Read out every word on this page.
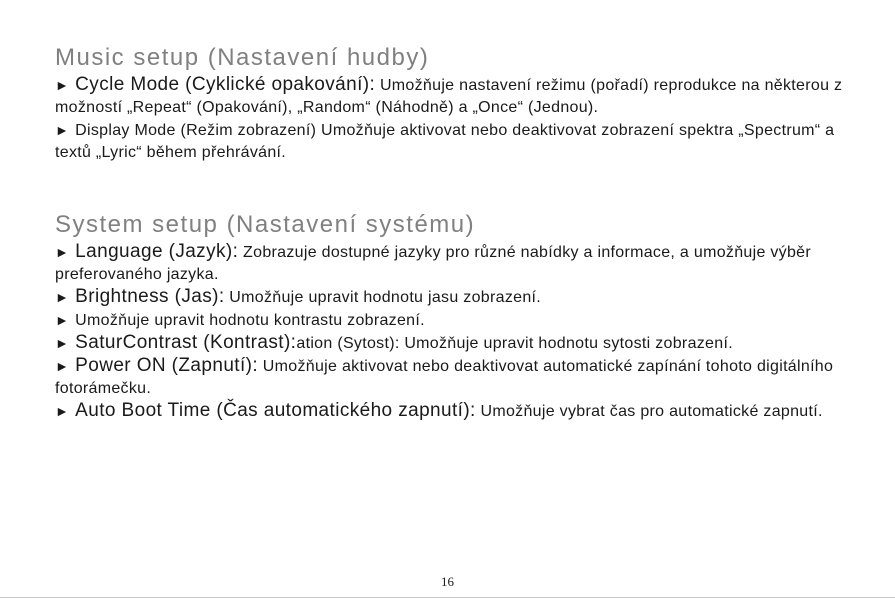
Music setup (Nastavení hudby)

► Cycle Mode (Cyklické opakování): Umožňuje nastavení režimu (pořadí) reprodukce na některou z možností „Repeat“ (Opakování), „Random“ (Náhodně) a „Once“ (Jednou).

► Display Mode (Režim zobrazení) Umožňuje aktivovat nebo deaktivovat zobrazení spektra „Spectrum“ a textů „Lyric“ během přehrávání.

System setup (Nastavení systému)

► Language (Jazyk): Zobrazuje dostupné jazyky pro různé nabídky a informace, a umožňuje výběr preferovaného jazyka.

► Brightness (Jas): Umožňuje upravit hodnotu jasu zobrazení.

► Umožňuje upravit hodnotu kontrastu zobrazení.

► SaturContrast (Kontrast):ation (Sytost): Umožňuje upravit hodnotu sytosti zobrazení.

► Power ON (Zapnutí): Umožňuje aktivovat nebo deaktivovat automatické zapínání tohoto digitálního fotorámečku.

► Auto Boot Time (Čas automatického zapnutí): Umožňuje vybrat čas pro automatické zapnutí.

16
